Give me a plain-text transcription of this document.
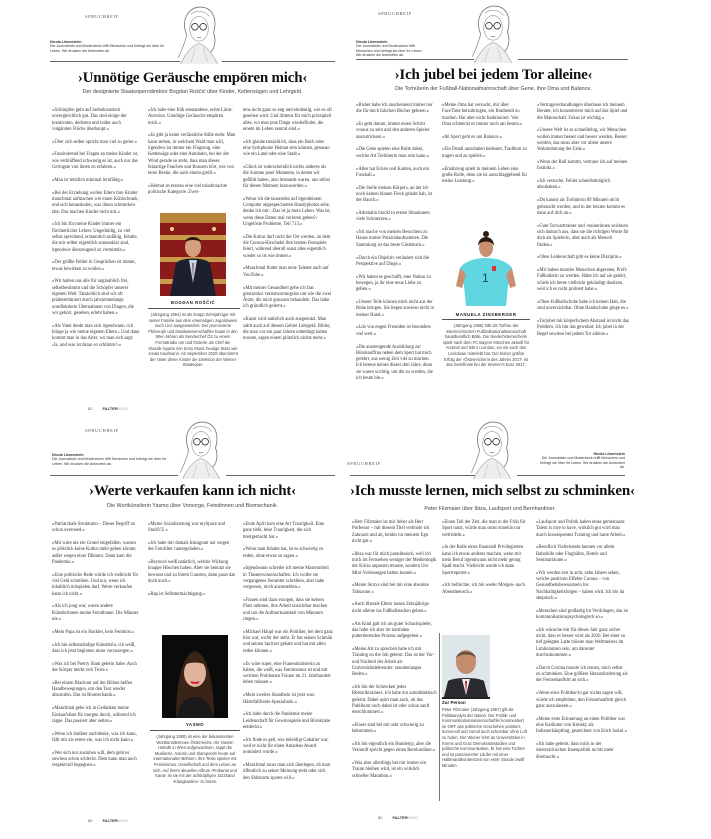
SPRUCHREIF
Nicola Löwenstein
Die Journalistin und Moderatorin trifft Menschen und befragt sie über ihr Leben. Wir drucken die Antworten ab.
›Unnötige Geräusche empören mich‹
Der designierte Staatsoperndirektor Bogdan Roščić über Kinder, Kettensägen und Lehrgeld.

»Schimpfen geht auf Serbokroatisch unvergleichlich gut. Das sind einige der kreativsten, derbsten und leider auch vulgärsten Flüche überhaupt.«

»Über sich selber spricht man viel zu gerne.«

»Faszinierend bei Fragen an meine Kinder ist, wie verblüffend schwierig es ist, auch nur das Geringste von ihnen zu erfahren.«

»Man ist letztlich minimal lernfähig.«

»Bei der Erziehung wollen Eltern ihre Kinder manchmal aufmachen wie einen Kühlschrank, und sich herausholen, was ihnen schmecken täte. Das machen Kinder nicht mit.«

»Ich bin für meine Kinder immer ein fürchterlicher Lehrer. Ungeduldig, zu viel selbst sprechend, erstaunlich unfähig, Inhalte, die mir selber eigentlich sonnenklar sind, irgendwie überzeugend zu vermitteln.«

»Der größte Fehler in Gesprächen ist immer, etwas bewirken zu wollen.«

»Wir halten uns alle für unglaublich frei, selbstbestimmt und die Schöpfer unserer eigenen Welt. Tatsächlich sind wir oft prädeterminiert durch jahrzehntelange unreflektierte Übernahmen von Dingen, die wir gehört, gesehen, erlebt haben.«

»Als Vater denkt man sich irgendwann ›ich klinge ja wie meine eigenen Eltern.‹ Und dann kommt man in das Alter, wo man sich sagt: ›Ja, und was ist daran so schlimm?‹«

»Ich habe eine früh entstandene, echte Lärm-Aversion. Unnötige Geräusche empören mich.«

»Es gibt ja keine verlässliche Stille mehr. Man kann stehen, in welchem Wald man will, irgendwo ist immer ein Flugzeug, eine Kettensäge oder eine Autobahn, bei der der Wind gerade so steht, dass man dieses feinartige Fauchen und Brausen hört, wie von einer Bestie, die nach einem greift.«

»Heimat ist erstens eine viel missbrauchte politische Kategorie. Zwei-

tens nicht ganz so eng und eindeutig, wie es oft gesehen wird. Und drittens für mich prinzipiell alles, wo man jene Dinge wiederfindet, die einem im Leben zentral sind.«

»Ich glaube tatsächlich, dass ein Buch oder eine Symphonie Heimat sein können, genauso wie ein Land oder eine Stadt.«

»Glück ist wahrscheinlich nichts anderes als die Summe jener Momente, in denen wir gefühlt haben, also imstande waren, uns selbst für diesen Moment loszuwerden.«

»Wenn ich die tausenden auf irgendeinem Computer abgespeicherten Handyphotos sehe, denke ich mir: ›Das ist ja mein Leben. Was ist, wenn diese Daten mal verloren gehen?‹ Ungelöste Probleme, Teil 713.«

»Die Kultur darf nicht der Ort werden, an dem die Corona-Hirschelei ihre letzten Festspiele feiert, während überall sonst alles eigentlich wieder so ist wie immer.«

»Manchmal findet man neue Talente auch auf YouTube.«

»Mit meiner Gesundheit gehe ich fast grenzenlos verantwortungslos um wie die zwei Ärzte, die mich grausam behandeln. Das habe ich gründlich gelernt.«

»Kunst wird natürlich auch ausgenutzt. Man zahlt auch auf diesem Gebiet Lehrgeld. Bilder, die man vor ein paar Jahren unbedingt haben musste, sagen einem plötzlich nichts mehr.«

BOGDAN ROŠČIĆ
(Jahrgang 1964) ist als knapp Zehnjähriger mit seiner Familie aus dem ehemaligen Jugoslawien nach Linz ausgewandert. Der promovierte Philosoph und Musikwissenschaftler baute in den 90er-Jahren als Senderchef Ö3 zu einem Formatradio um und förderte als Chef der Klassik-Sparte von Sony Music heutige Stars wie Jonas Kaufmann. Ab September 2020 übernimmt der Vater dreier Kinder die Direktion der Wiener Staatsoper.
82	FALTER00/20
SPRUCHREIF
Nicola Löwenstein
Die Journalistin und Moderatorin trifft Menschen und befragt sie über ihr Leben. Wir drucken die Antworten ab.
›Ich jubel bei jedem Tor alleine‹
Die Torhüterin der Fußball-Nationalmannschaft über Gene, ihre Oma und Balance.

»Bisher habe ich anscheinend immer nur die für mich falschen Bücher gelesen.«

»Es geht darum, immer einen Schritt voraus zu sein und den anderen Spieler auszutricksen.«

»Die Gene spielen eine Rolle dabei, welche Art Torhüterin man sein kann.«

»Alles hat Ecken und Kanten, auch ein Fussball.«

»Die Stelle meines Körpers, an der ich noch keinen blauen Fleck gehabt hab, ist der Bauch.«

»Adrenalin blockt in ersten Situationen viele Schmerzen.«

»Ich mache von meinen Besuchern zu Hause immer Polaroidaufnahmen. Die Sammlung ist das beste Gästebuch.«

»Durch ein Objektiv verändert sich die Perspektive auf Dinge.«

»Wir haben es geschafft, eine Nation zu bewegen, ja ihr eine neue Liebe zu geben.«

»Unsere Teile können mich nicht aus der Ruhe bringen. Sie liegen sowieso nicht in meiner Hand.«

»Lob von engen Freunden ist besonders viel wert.«

»Die anstrengende Ausbildung zur Bürokauffrau neben dem Sport hat mich gelehrt, aus wenig Zeit viel zu machen. Ich bereue keines dieser drei Jahre, denn sie waren wichtig, um die zu werden, die ich heute bin.«

»Meine Oma hat versucht, mir über FaceTime beizubringen, ein Brathendl zu machen. Hat aber nicht funktioniert. Von Oma schmeckt es immer noch am besten.«

»Im Sport geht es um Balance.«

»Ein Detail anzuhaben bedeutet, Tradition zu tragen und zu spielen.«

»Ernährung spielt in meinem Leben eine große Rolle, denn sie ist ausschlaggebend für meine Leistung.«

»Vertragsverhandlungen überlasse ich meinem Berater, ich konzentriere mich auf das Spiel und die Mannschaft. Fokus ist wichtig.«

»Unsere Welt ist so schnelllebig, wir Menschen wollen immer besser und besser werden. Besser werden, das muss aber vor allem unsere Wahrnehmung der Erde.«

»Wenn der Ball kommt, vertraue ich auf meinen Instinkt.«

»Ich versuche, Fehler schnellstmöglich abzuhaken.«

»Du kannst als Torhüterin 89 Minuten nicht gebraucht werden, und in der letzten kommt es dann auf dich an.«

»Gute Torwarttrainer und -trainerinnen zeichnen sich dadurch aus, dass sie die richtigen Worte für dich als Spielerin, aber auch als Mensch finden.«

»Ohne Leidenschaft gibt es keine Disziplin.«

»Mir haben manche Menschen abgeraten, Profi-Fußballerin zu werden. Hätte ich auf sie gehört, würde ich heute vielleicht gekündigt dasitzen, weil ich es nicht probiert habe.«

»Ohne Fußballschuhe habe ich keinen Halt, die sind unverzichtbar. Ohne Handschuhe ginge es.«

»Torjubel mit körperlichem Abstand ist nicht das Problem. Ich bin das gewohnt: Ich jubel in der Regel sowieso bei jedem Tor alleine.«

1
MANUELA ZINSBERGER
(Jahrgang 1995) hält als Torfrau der österreichischen Fußballnationalmannschaft hauptberuflich Bälle. Die Niederösterreicherin spielt nach dem FC Bayern München aktuell für Arsenal und lebt in London, wo sie auch den Lockdown miterlebt hat. Der bisher größte Erfolg der ›Österreicherin des Jahres 2017‹ ist das Semifinale bei der Women's Euro 2017.
SPRUCHREIF
Nicola Löwenstein
Die Journalistin und Moderatorin trifft Menschen und befragt sie über ihr Leben. Wir drucken die Antworten ab.
›Werte verkaufen kann ich nicht‹
Die Wortkünstlerin Yasmo über Vorsorge, Feindinnen und Biomechanik.

»Patriarchale Strukturen – Dieser Begriff ist schon overused.«

»Mir wäre nie ein Grund eingefallen, warum es plötzlich keine Kultur mehr geben könnte, außer wegen einer Diktatur. Dann kam die Pandemie.«

»Eine politische Rede würde ich vielleicht für viel Geld schreiben. Und nur, wenn ich inhaltlich mitspielen darf. Werte verkaufen kann ich nicht.«

»Als ich jung war, waren andere Künstlerinnen meine Feindinnen. Die Männer nie.«

»Mein Papa ist ein Hackler, kein Feminist.«

»Ich bin selbstständige Künstlerin, ich weiß, dass ich jetzt beginnen muss vorzusorgen.«

»Was ich bei Poetry Slam gelernt habe: Auch der Körper merkt sich Texte.«

»Bei einem Blackout auf der Bühne helfen Handbewegungen, um den Text wieder abzurufen. Das ist Biomechanik.«

»Manchmal gehe ich in Gedanken meine Einkaufsliste für morgen durch, während ich rappe. Das passiert aber selten.«

»Wenn ich darüber nachdenke, was ich kann, fällt mir als erstes ein, was ich nicht kann.«

»Wer sich nur austoben will, dem geht es sowieso schon schlecht. Dem kann man auch respektvoll begegnen.«

»Meine Sozialisierung war mySpace und StudiVZ.«

»Ich habe mir damals Instagram nur wegen der Fotofilter runtergeladen.«

»Beyoncé weiß natürlich, welche Wirkung knappe Höschen haben. Aber sie benutzt sie bewusst und zu ihrem Gunsten, dann passt das doch auch.«

»Rap ist Selbstermächtigung.«

»Ende April kam eine Art Traurigkeit. Eine ganz tiefe, leise Traurigkeit, die sich breitgemacht hat.«

»Wenn man Inhalte hat, ist es schwierig zu reden, ohne etwas zu sagen.«

»Irgendwann schreibe ich meine Masterarbeit in Theaterwissenschaften. Ich wollte sie vergangenes Semester schreiben, aber habe vergessen, mich anzumelden.«

»Frauen sind dazu erzogen, dass sie keinen Platz nehmen, ihre Arbeit unsichtbar machen und um die Aufmerksamkeit von Männern ringen.«

»Michael Häupl war ein Politiker, bei dem ganz klar war, wofür der steht. Er hat seinen Schmäh und seinen Spritzer gehabt und hat mit allen reden können.«

»Es wäre super, eine Frauenministerin zu haben, die weiß, was Feminismus ist und mit welchen Problemen Frauen im 21. Jahrhundert leben müssen.«

»Mein zweites Standbein ist jetzt was: Härtefallfonds-Spezialistin.«

»Ich habe durch die Pandemie meine Leidenschaft für Gewinnspiele und Bürokratie entdeckt.«

»Ich finde es geil, wie beleidigt Gabalier war, weil er nicht für einen Amadeus Award nominiert wurde.«

»Manchmal muss man sich überlegen, ob man öffentlich zu seiner Meinung steht oder sich den Shitstorm sparen will.«

YASMO
(Jahrgang 1990) ist eine der bekanntesten Wortkünstlerinnen Österreichs. Als Yasmin Hafedh in Wien aufgewachsen, rappt die Musikerin, Autorin und Slampoetin heute auf internationalen Bühnen. Ihre Texte spielen mit Feminismus, Gesellschaft und dem Leben an sich. Auf ihrem aktuellen Album ›Prekariat und Karat‹ ist sie mit der achtköpfigen Jazzband ›Klangkantine‹ zu hören.
82	FALTER00/20
SPRUCHREIF
Nicola Löwenstein
Die Journalistin und Moderatorin trifft Menschen und befragt sie über ihr Leben. Wir drucken die Antworten ab.
›Ich musste lernen, mich selbst zu schminken‹
Peter Filzmaier über Ibiza, Laufsport und Bernhardiner.

»Herr Filzmaier ist mir lieber als Herr Professor – mit diesem Titel verbinde ich Zahnarzt und alt, beides tut meinem Ego nicht gut.«

»Ibiza war für mich paradiesisch, weil ich mich im Fernsehen weniger der Medienlogik der Kürze anpassen musste, sondern live Mini-Vorlesungen halten konnte.«

»Meine Storys sind bei mir eine absolute Tabuzone.«

»Auch liberale Eltern lassen Zehnjährige nicht alleine ins Fußballstadion gehen.«

»Als Kind galt ich als guter Schachspieler, das habe ich aber im normalen pubertierenden Prozess aufgegeben.«

»Meine Art zu sprechen habe ich mit Training on the Job gelernt. Das ist der Vor- und Nachteil der Arbeit als Universitätslehrender: stundenlanges Reden.«

»Ich bin der Schrecken jedes Rhetoriktrainers. Ich habe nur autodidaktisch gelernt. Dabei spürt man auch, ob das Publikum noch dabei ist oder schon sanft entschlummert.«

»Einser sind bei mir sehr schwierig zu bekommen.«

»Ich bin eigentlich ein Hundetyp, aber die Vernunft spricht gegen einen Bernhardiner.«

»Was aber allerdings bei mir immer ein Traum bleiben wird, ist ein wirklich schneller Marathon.«

»Einen Teil der Zeit, die man in der Früh für Sport nutzt, würde man sonst ohnehin nur vertrödeln.«

»In der Rolle eines finanziell Privilegierten kann ich etwas anderes machen, wenn mir mein Beruf irgendwann nicht mehr genug Spaß macht. Vielleicht werde ich dann Sportreporter.«

»Ich befürchte, ich bin weder Morgen- noch Abendmensch.«

»Laufsport und Politik haben eines gemeinsam: Talent is nice to have, wirklich gut wird man durch konsequentes Training und harte Arbeit.«

»Beruflich Vielreisende kennen vor allem Bahnhöfe oder Flughäfen, Hotels und Seminarräume.«

»Wir werden erst in acht, zehn Jahren sehen, welche positiven Effekte Corona – von Gesundheitsbewusstsein bis Nachhaltigkeitsfolgen – haben wird. Ich bin da skeptisch.«

»Menschen sind großartig im Verdrängen, das ist kommunikationspsychologisch so.«

»Ich wünsche mir für dieses Jahr ganz sicher nicht, dass es besser wird als 2020. Bei einer so tief gelegten Latte müsste man Weltmeister im Limbotanzen sein, um darunter durchzukommen.«

»Durch Corona musste ich lernen, mich selbst zu schminken. Eine größere Herausforderung als der Fernsehauftritt an sich.«

»Wenn ein/e Politiker/in gar nichts sagen will, würde ich empfehlen, den Fernsehauftritt gleich ganz auszulassen.«

»Meine erste Erinnerung an einen Politiker war eine Karikatur von Kreisky als Indianerhäuptling, gezeichnet von Erich Sokol.«

»Ich habe gelernt, dass mich in der österreichischen Innenpolitik nichts mehr überrascht.«

Zur Person
Peter Filzmaier (Jahrgang 1967) gilt als Politikanalyst der Nation. Der Politik- und Kommunikationswissenschaftler kommentiert im ORF das politische Geschehen pointiert, humorvoll und zumal auch scheinbar ohne Luft zu holen. Der Wiener lehrt an Universitäten in Krems und Graz Demokratiestudien und politische Kommunikation. Er hat eine Tochter und ist passionierter Läufer mit einer Halbmarathonbestzeit von einer Stunde zwölf Minuten.
82	FALTER00/20
